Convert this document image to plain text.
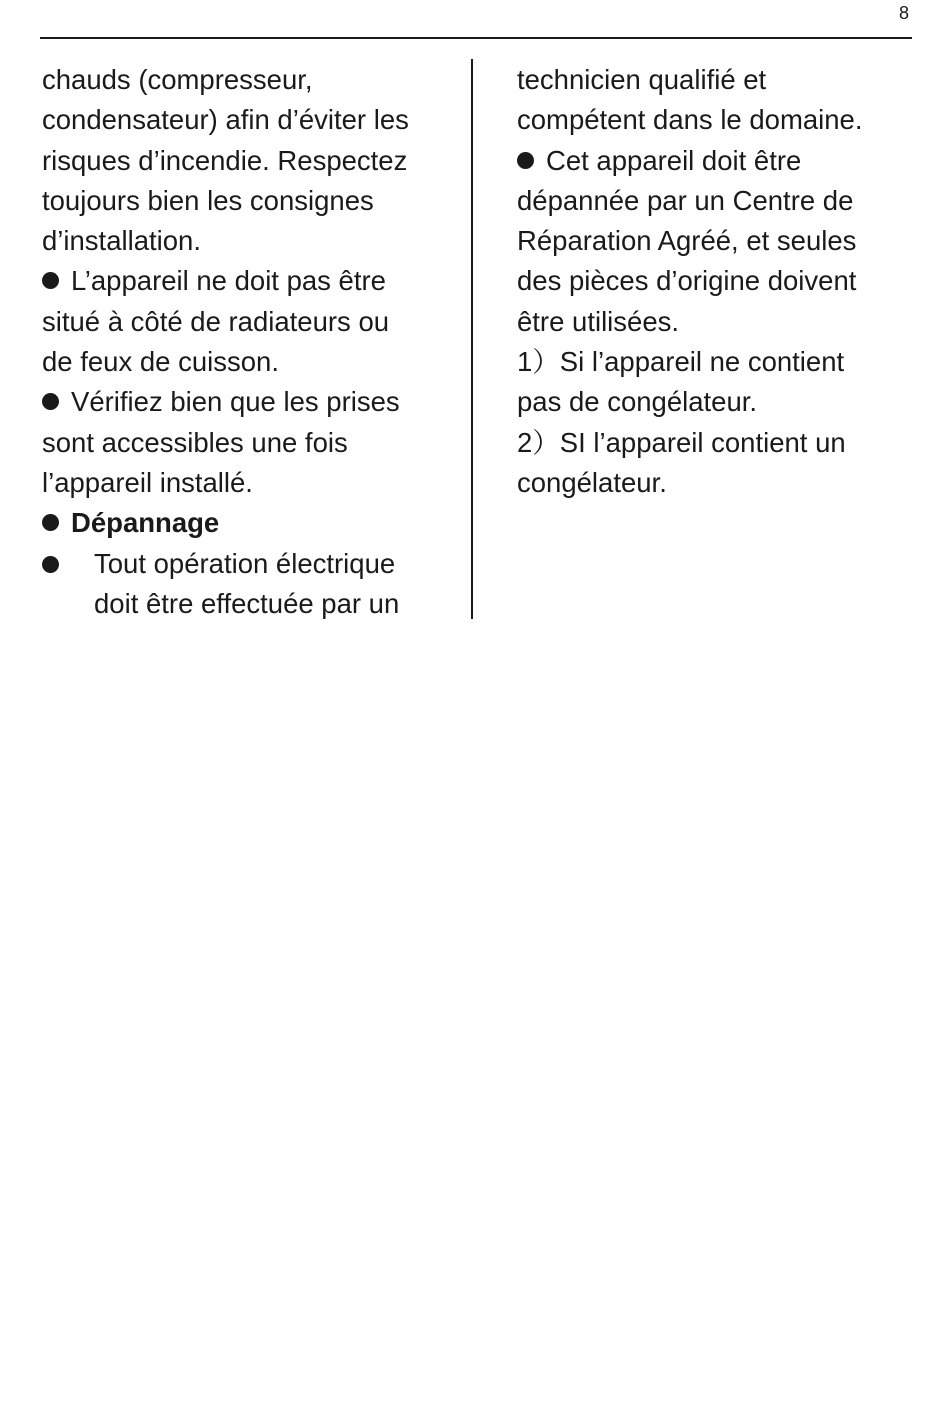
8
chauds (compresseur,
condensateur) afin d’éviter les
risques d’incendie. Respectez
toujours bien les consignes
d’installation.
L’appareil ne doit pas être
situé à côté de radiateurs ou
de feux de cuisson.
Vérifiez bien que les prises
sont accessibles une fois
l’appareil installé.
Dépannage
Tout opération électrique
doit être effectuée par un
technicien qualifié et
compétent dans le domaine.
Cet appareil doit être
dépannée par un Centre de
Réparation Agréé, et seules
des pièces d’origine doivent
être utilisées.
1）Si l’appareil ne contient
pas de congélateur.
2）SI l’appareil contient un
congélateur.
